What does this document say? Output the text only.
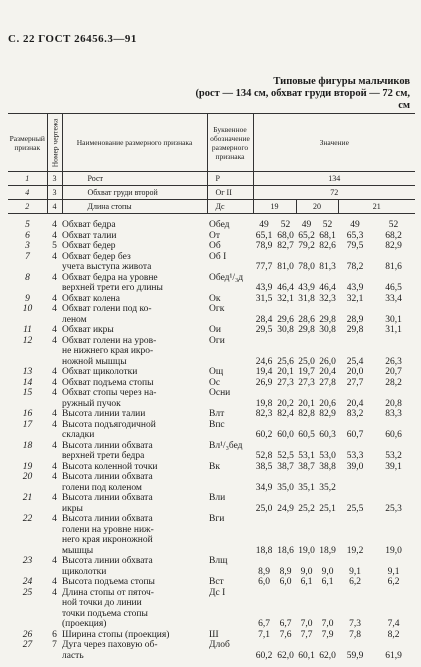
С. 22 ГОСТ 26456.3—91
Типовые фигуры мальчиков
(рост — 134 см, обхват груди второй — 72 см,
см
Размерный признак	Номер чертежа	Наименование размерного признака	Буквенное обозначение размерного признака	Значение					
1	3	Рост	Р	134					
4	3	Обхват груди второй	Ог II	72					
2	4	Длина стопы	Дс	19		20		21	
5	4	Обхват бедра	Обед	49	52	49	52	49	52
6	4	Обхват талии	От	65,1	68,0	65,2	68,1	65,3	68,2
3	5	Обхват бедер	Об	78,9	82,7	79,2	82,6	79,5	82,9
7	4	Обхват бедер без
учета выступа живота	Об I	77,7	81,0	78,0	81,3	78,2	81,6
8	4	Обхват бедра на уровне
верхней трети его длины	Обед¹/₃д	43,9	46,4	43,9	46,4	43,9	46,5
9	4	Обхват колена	Ок	31,5	32,1	31,8	32,3	32,1	33,4
10	4	Обхват голени под ко-
леном	Огк	28,4	29,6	28,6	29,8	28,9	30,1
11	4	Обхват икры	Ои	29,5	30,8	29,8	30,8	29,8	31,1
12	4	Обхват голени на уров-
не нижнего края икро-
ножной мышцы	Оги	24,6	25,6	25,0	26,0	25,4	26,3
13	4	Обхват щиколотки	Ощ	19,4	20,1	19,7	20,4	20,0	20,7
14	4	Обхват подъема стопы	Ос	26,9	27,3	27,3	27,8	27,7	28,2
15	4	Обхват стопы через на-
ружный пучок	Осни	19,8	20,2	20,1	20,6	20,4	20,8
16	4	Высота линии талии	Влт	82,3	82,4	82,8	82,9	83,2	83,3
17	4	Высота подъягодичной
складки	Впс	60,2	60,0	60,5	60,3	60,7	60,6
18	4	Высота линии обхвата
верхней трети бедра	Вл¹/₃бед	52,8	52,5	53,1	53,0	53,3	53,2
19	4	Высота коленной точки	Вк	38,5	38,7	38,7	38,8	39,0	39,1
20	4	Высота линии обхвата
голени под коленом		34,9	35,0	35,1	35,2		
21	4	Высота линии обхвата
икры	Вли	25,0	24,9	25,2	25,1	25,5	25,3
22	4	Высота линии обхвата
голени на уровне ниж-
него края икроножной
мышцы	Вги	18,8	18,6	19,0	18,9	19,2	19,0
23	4	Высота линии обхвата
щиколотки	Влщ	8,9	8,9	9,0	9,0	9,1	9,1
24	4	Высота подъема стопы	Вcт	6,0	6,0	6,1	6,1	6,2	6,2
25	4	Длина стопы от пяточ-
ной точки до линии
точки подъема стопы
(проекция)	Дс I	6,7	6,7	7,0	7,0	7,3	7,4
26	6	Ширина стопы (проекция)	Ш	7,1	7,6	7,7	7,9	7,8	8,2
27	7	Дуга через паховую об-
ласть	Длоб	60,2	62,0	60,1	62,0	59,9	61,9
